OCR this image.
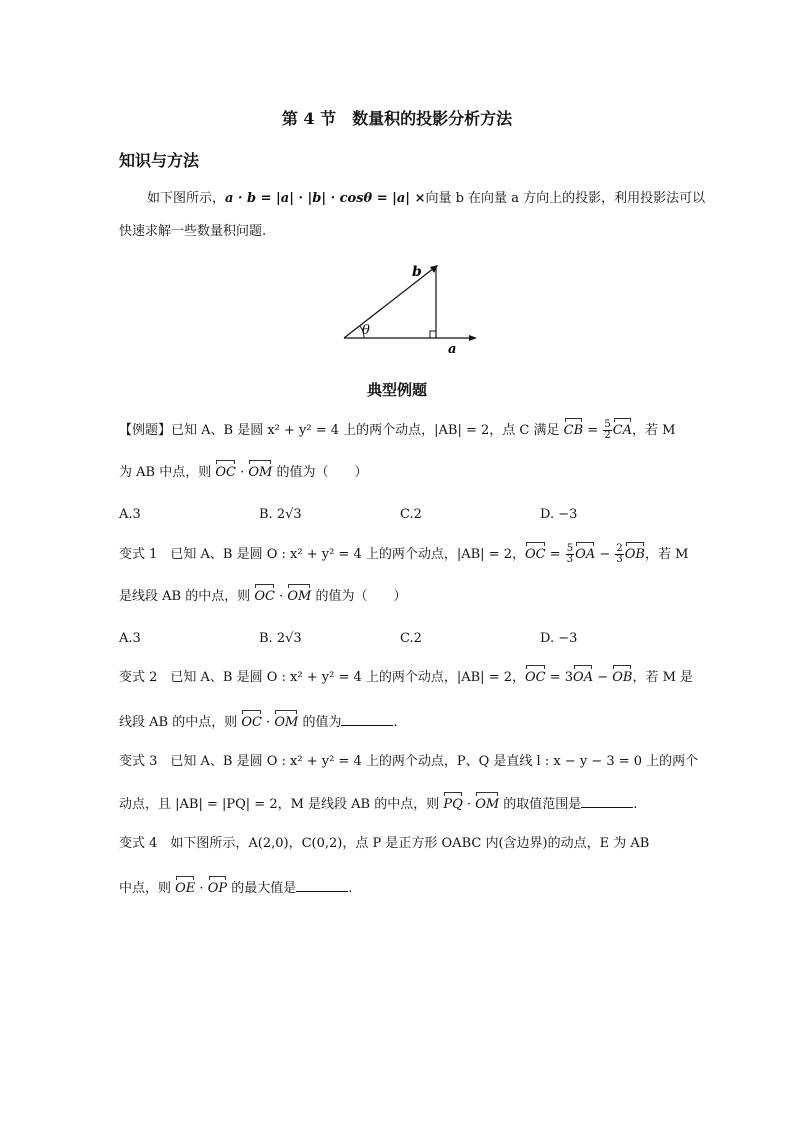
第 4 节　数量积的投影分析方法
知识与方法
如下图所示，a · b = |a| · |b| · cosθ = |a| ×向量 b 在向量 a 方向上的投影，利用投影法可以
快速求解一些数量积问题.
b
θ
a
典型例题
【例题】已知 A、B 是圆 x² + y² = 4 上的两个动点，|AB| = 2，点 C 满足 CB = $\frac{5}{2}$ CA，若 M
为 AB 中点，则 OC · OM 的值为（　　）
A.3	B. 2√3	C.2	D. −3
变式 1　已知 A、B 是圆 O : x² + y² = 4 上的两个动点，|AB| = 2，OC = $\frac{5}{3}$ OA − $\frac{2}{3}$ OB，若 M
是线段 AB 的中点，则 OC · OM 的值为（　　）
A.3	B. 2√3	C.2	D. −3
变式 2　已知 A、B 是圆 O : x² + y² = 4 上的两个动点，|AB| = 2，OC = 3OA − OB，若 M 是
线段 AB 的中点，则 OC · OM 的值为	.
变式 3　已知 A、B 是圆 O : x² + y² = 4 上的两个动点，P、Q 是直线 l : x − y − 3 = 0 上的两个
动点，且 |AB| = |PQ| = 2，M 是线段 AB 的中点，则 PQ · OM 的取值范围是	.
变式 4　如下图所示，A(2,0)，C(0,2)，点 P 是正方形 OABC 内(含边界)的动点，E 为 AB
中点，则 OE · OP 的最大值是	.
